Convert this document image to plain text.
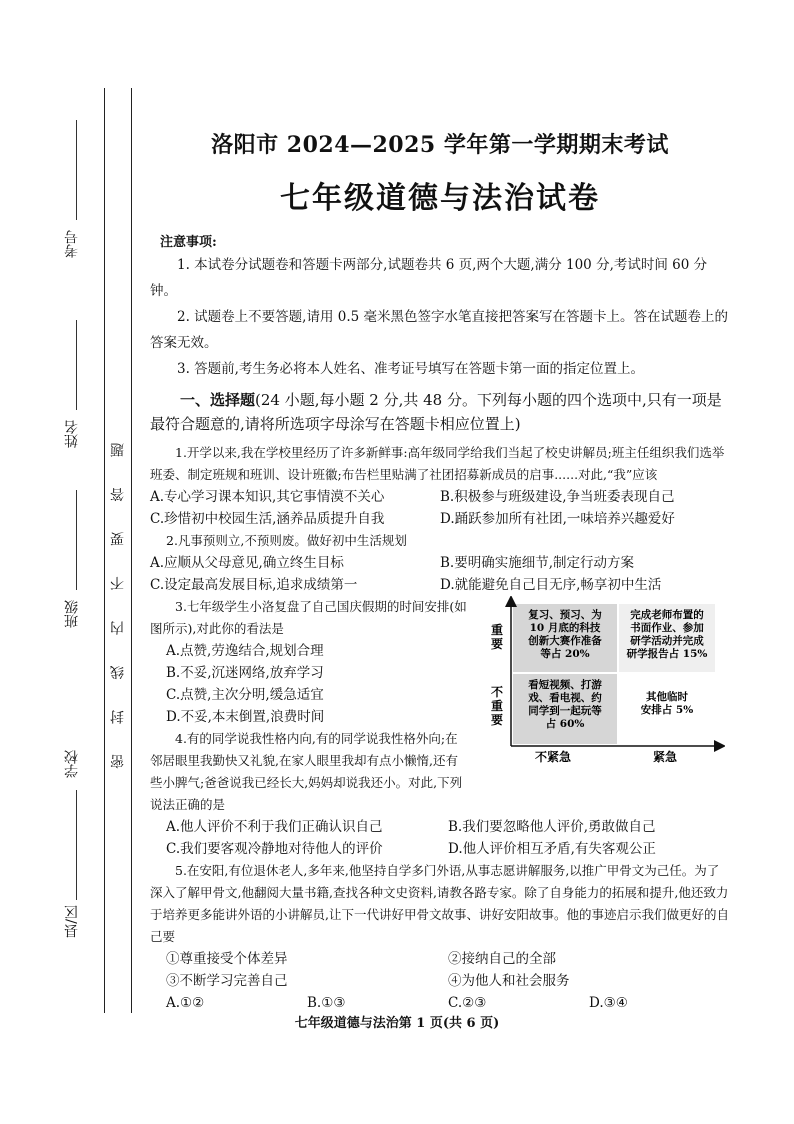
考号
姓名
班级
学校
县/区
密 封 线 内 不 要 答 题
洛阳市 2024—2025 学年第一学期期末考试
七年级道德与法治试卷
注意事项:

1. 本试卷分试题卷和答题卡两部分,试题卷共 6 页,两个大题,满分 100 分,考试时间 60 分钟。

2. 试题卷上不要答题,请用 0.5 毫米黑色签字水笔直接把答案写在答题卡上。答在试题卷上的答案无效。

3. 答题前,考生务必将本人姓名、准考证号填写在答题卡第一面的指定位置上。

一、选择题(24 小题,每小题 2 分,共 48 分。下列每小题的四个选项中,只有一项是最符合题意的,请将所选项字母涂写在答题卡相应位置上)

1.开学以来,我在学校里经历了许多新鲜事:高年级同学给我们当起了校史讲解员;班主任组织我们选举班委、制定班规和班训、设计班徽;布告栏里贴满了社团招募新成员的启事......对此,“我”应该

A.专心学习课本知识,其它事情漠不关心	B.积极参与班级建设,争当班委表现自己
C.珍惜初中校园生活,涵养品质提升自我	D.踊跃参加所有社团,一味培养兴趣爱好

2.凡事预则立,不预则废。做好初中生活规划

A.应顺从父母意见,确立终生目标	B.要明确实施细节,制定行动方案
C.设定最高发展目标,追求成绩第一	D.就能避免自己目无序,畅享初中生活

3.七年级学生小洛复盘了自己国庆假期的时间安排(如图所示),对此你的看法是

A.点赞,劳逸结合,规划合理
B.不妥,沉迷网络,放弃学习
C.点赞,主次分明,缓急适宜
D.不妥,本末倒置,浪费时间

4.有的同学说我性格内向,有的同学说我性格外向;在邻居眼里我勤快又礼貌,在家人眼里我却有点小懒惰,还有些小脾气;爸爸说我已经长大,妈妈却说我还小。对此,下列说法正确的是

重
要
不
重
要
不紧急	紧急
复习、预习、为
10 月底的科技
创新大赛作准备
等占 20%
完成老师布置的
书面作业、参加
研学活动并完成
研学报告占 15%
看短视频、打游
戏、看电视、约
同学到一起玩等
占 60%
其他临时
安排占 5%
A.他人评价不利于我们正确认识自己	B.我们要忽略他人评价,勇敢做自己
C.我们要客观冷静地对待他人的评价	D.他人评价相互矛盾,有失客观公正

5.在安阳,有位退休老人,多年来,他坚持自学多门外语,从事志愿讲解服务,以推广甲骨文为己任。为了深入了解甲骨文,他翻阅大量书籍,查找各种文史资料,请教各路专家。除了自身能力的拓展和提升,他还致力于培养更多能讲外语的小讲解员,让下一代讲好甲骨文故事、讲好安阳故事。他的事迹启示我们做更好的自己要

①尊重接受个体差异	②接纳自己的全部
③不断学习完善自己	④为他人和社会服务
A.①②	B.①③	C.②③	D.③④
七年级道德与法治第 1 页(共 6 页)
